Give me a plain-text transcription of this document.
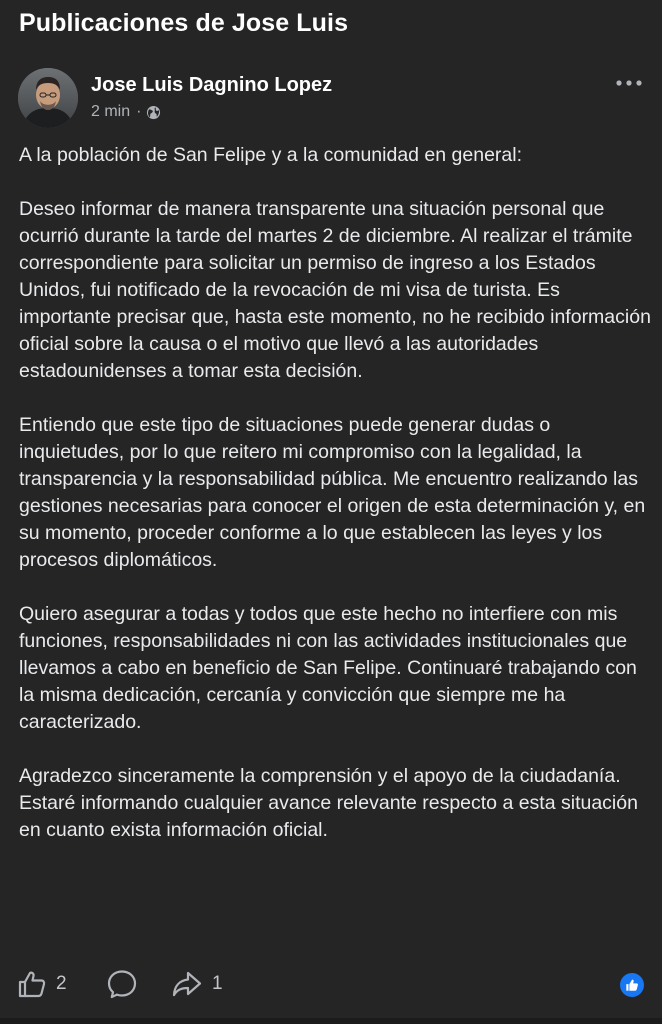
Publicaciones de Jose Luis
Jose Luis Dagnino Lopez
2 min ·

A la población de San Felipe y a la comunidad en general:

Deseo informar de manera transparente una situación personal que ocurrió durante la tarde del martes 2 de diciembre. Al realizar el trámite correspondiente para solicitar un permiso de ingreso a los Estados Unidos, fui notificado de la revocación de mi visa de turista. Es importante precisar que, hasta este momento, no he recibido información oficial sobre la causa o el motivo que llevó a las autoridades estadounidenses a tomar esta decisión.

Entiendo que este tipo de situaciones puede generar dudas o inquietudes, por lo que reitero mi compromiso con la legalidad, la transparencia y la responsabilidad pública. Me encuentro realizando las gestiones necesarias para conocer el origen de esta determinación y, en su momento, proceder conforme a lo que establecen las leyes y los procesos diplomáticos.

Quiero asegurar a todas y todos que este hecho no interfiere con mis funciones, responsabilidades ni con las actividades institucionales que llevamos a cabo en beneficio de San Felipe. Continuaré trabajando con la misma dedicación, cercanía y convicción que siempre me ha caracterizado.

Agradezco sinceramente la comprensión y el apoyo de la ciudadanía. Estaré informando cualquier avance relevante respecto a esta situación en cuanto exista información oficial.

2	1
